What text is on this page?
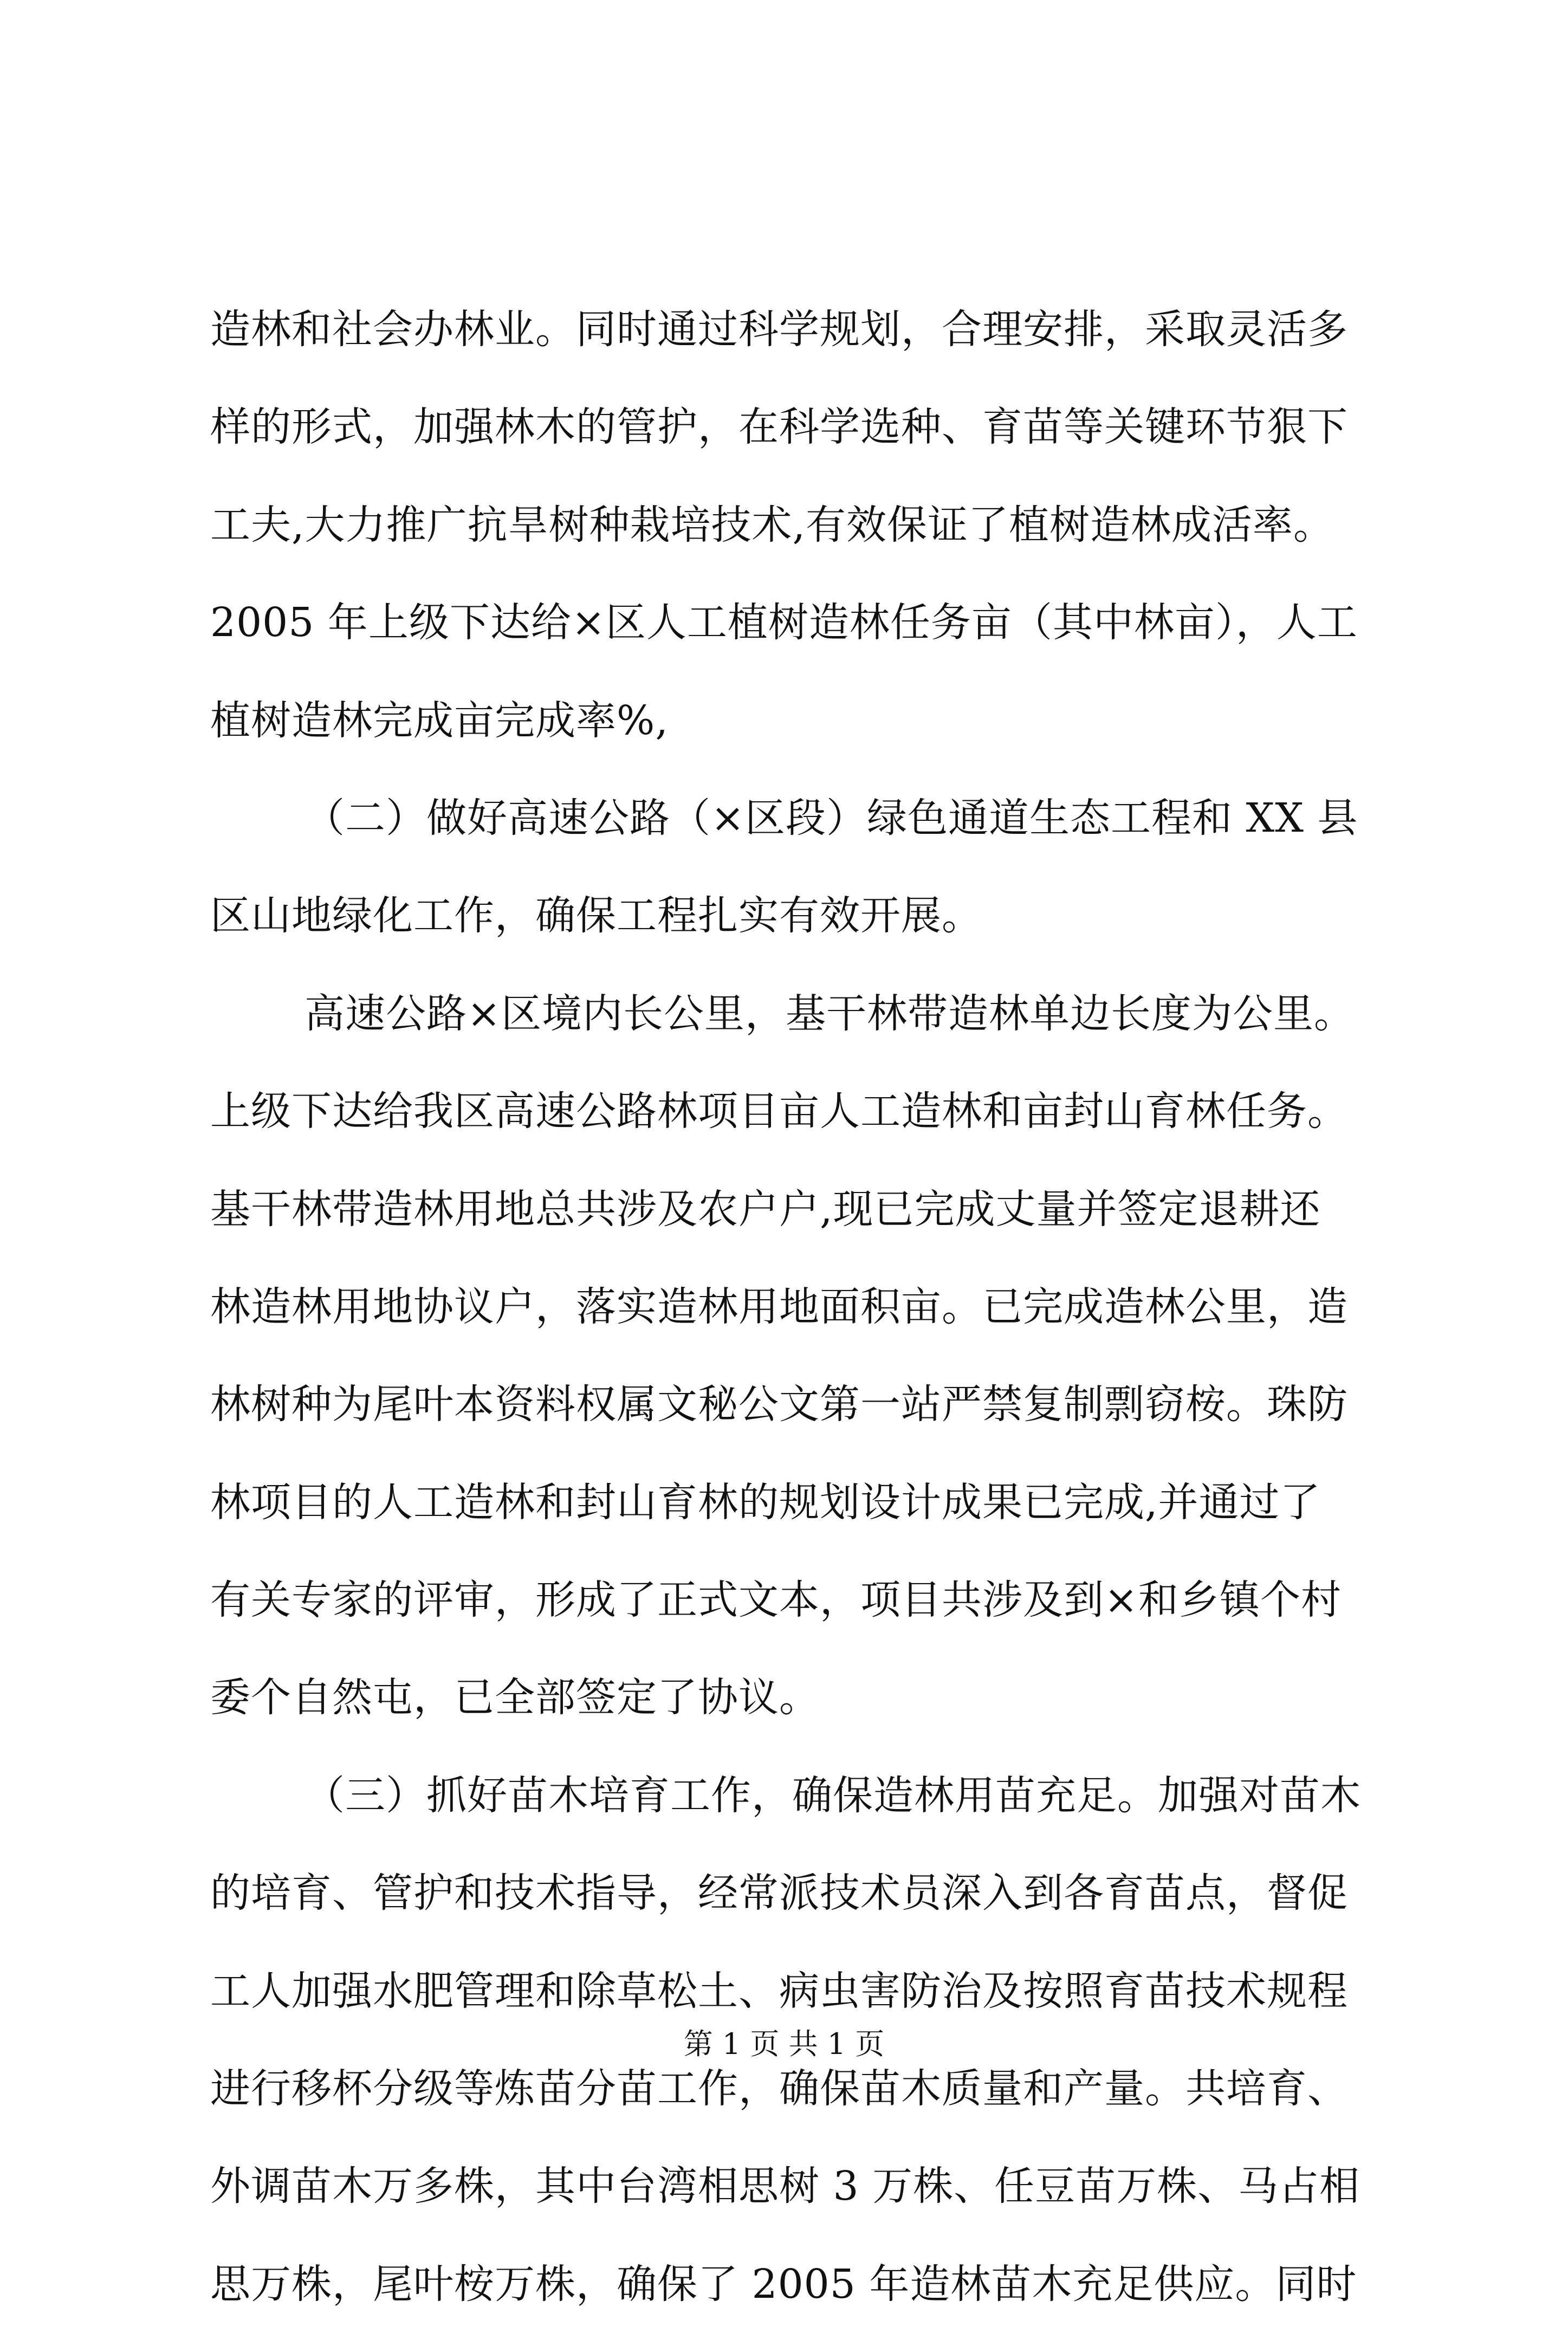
造林和社会办林业。同时通过科学规划，合理安排，采取灵活多
样的形式，加强林木的管护，在科学选种、育苗等关键环节狠下
工夫,大力推广抗旱树种栽培技术,有效保证了植树造林成活率。
2005 年上级下达给×区人工植树造林任务亩（其中林亩），人工
植树造林完成亩完成率%,
（二）做好高速公路（×区段）绿色通道生态工程和 XX 县
区山地绿化工作，确保工程扎实有效开展。
高速公路×区境内长公里，基干林带造林单边长度为公里。
上级下达给我区高速公路林项目亩人工造林和亩封山育林任务。
基干林带造林用地总共涉及农户户,现已完成丈量并签定退耕还
林造林用地协议户，落实造林用地面积亩。已完成造林公里，造
林树种为尾叶本资料权属文秘公文第一站严禁复制剽窃桉。珠防
林项目的人工造林和封山育林的规划设计成果已完成,并通过了
有关专家的评审，形成了正式文本，项目共涉及到×和乡镇个村
委个自然屯，已全部签定了协议。
（三）抓好苗木培育工作，确保造林用苗充足。加强对苗木
的培育、管护和技术指导，经常派技术员深入到各育苗点，督促
工人加强水肥管理和除草松土、病虫害防治及按照育苗技术规程
进行移杯分级等炼苗分苗工作，确保苗木质量和产量。共培育、
外调苗木万多株，其中台湾相思树 3 万株、任豆苗万株、马占相
思万株，尾叶桉万株，确保了 2005 年造林苗木充足供应。同时
第 1 页 共 1 页
